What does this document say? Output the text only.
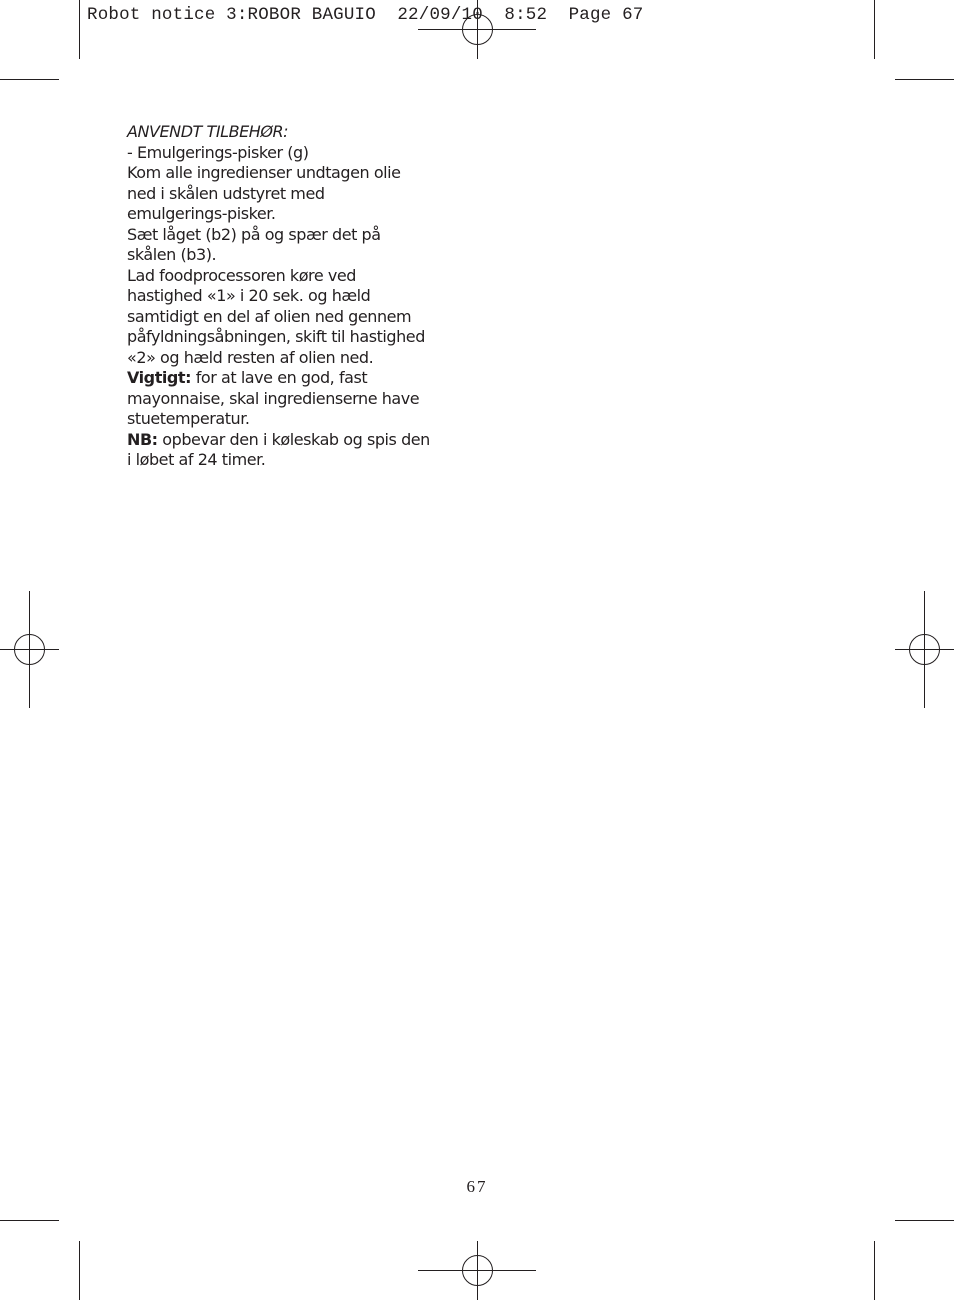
Robot notice 3:ROBOR BAGUIO  22/09/10  8:52  Page 67
ANVENDT TILBEHØR:
- Emulgerings-pisker (g)
Kom alle ingredienser undtagen olie
ned i skålen udstyret med
emulgerings-pisker.
Sæt låget (b2) på og spær det på
skålen (b3).
Lad foodprocessoren køre ved
hastighed «1» i 20 sek. og hæld
samtidigt en del af olien ned gennem
påfyldningsåbningen, skift til hastighed
«2» og hæld resten af olien ned.
Vigtigt: for at lave en god, fast
mayonnaise, skal ingredienserne have
stuetemperatur.
NB: opbevar den i køleskab og spis den
i løbet af 24 timer.
67
